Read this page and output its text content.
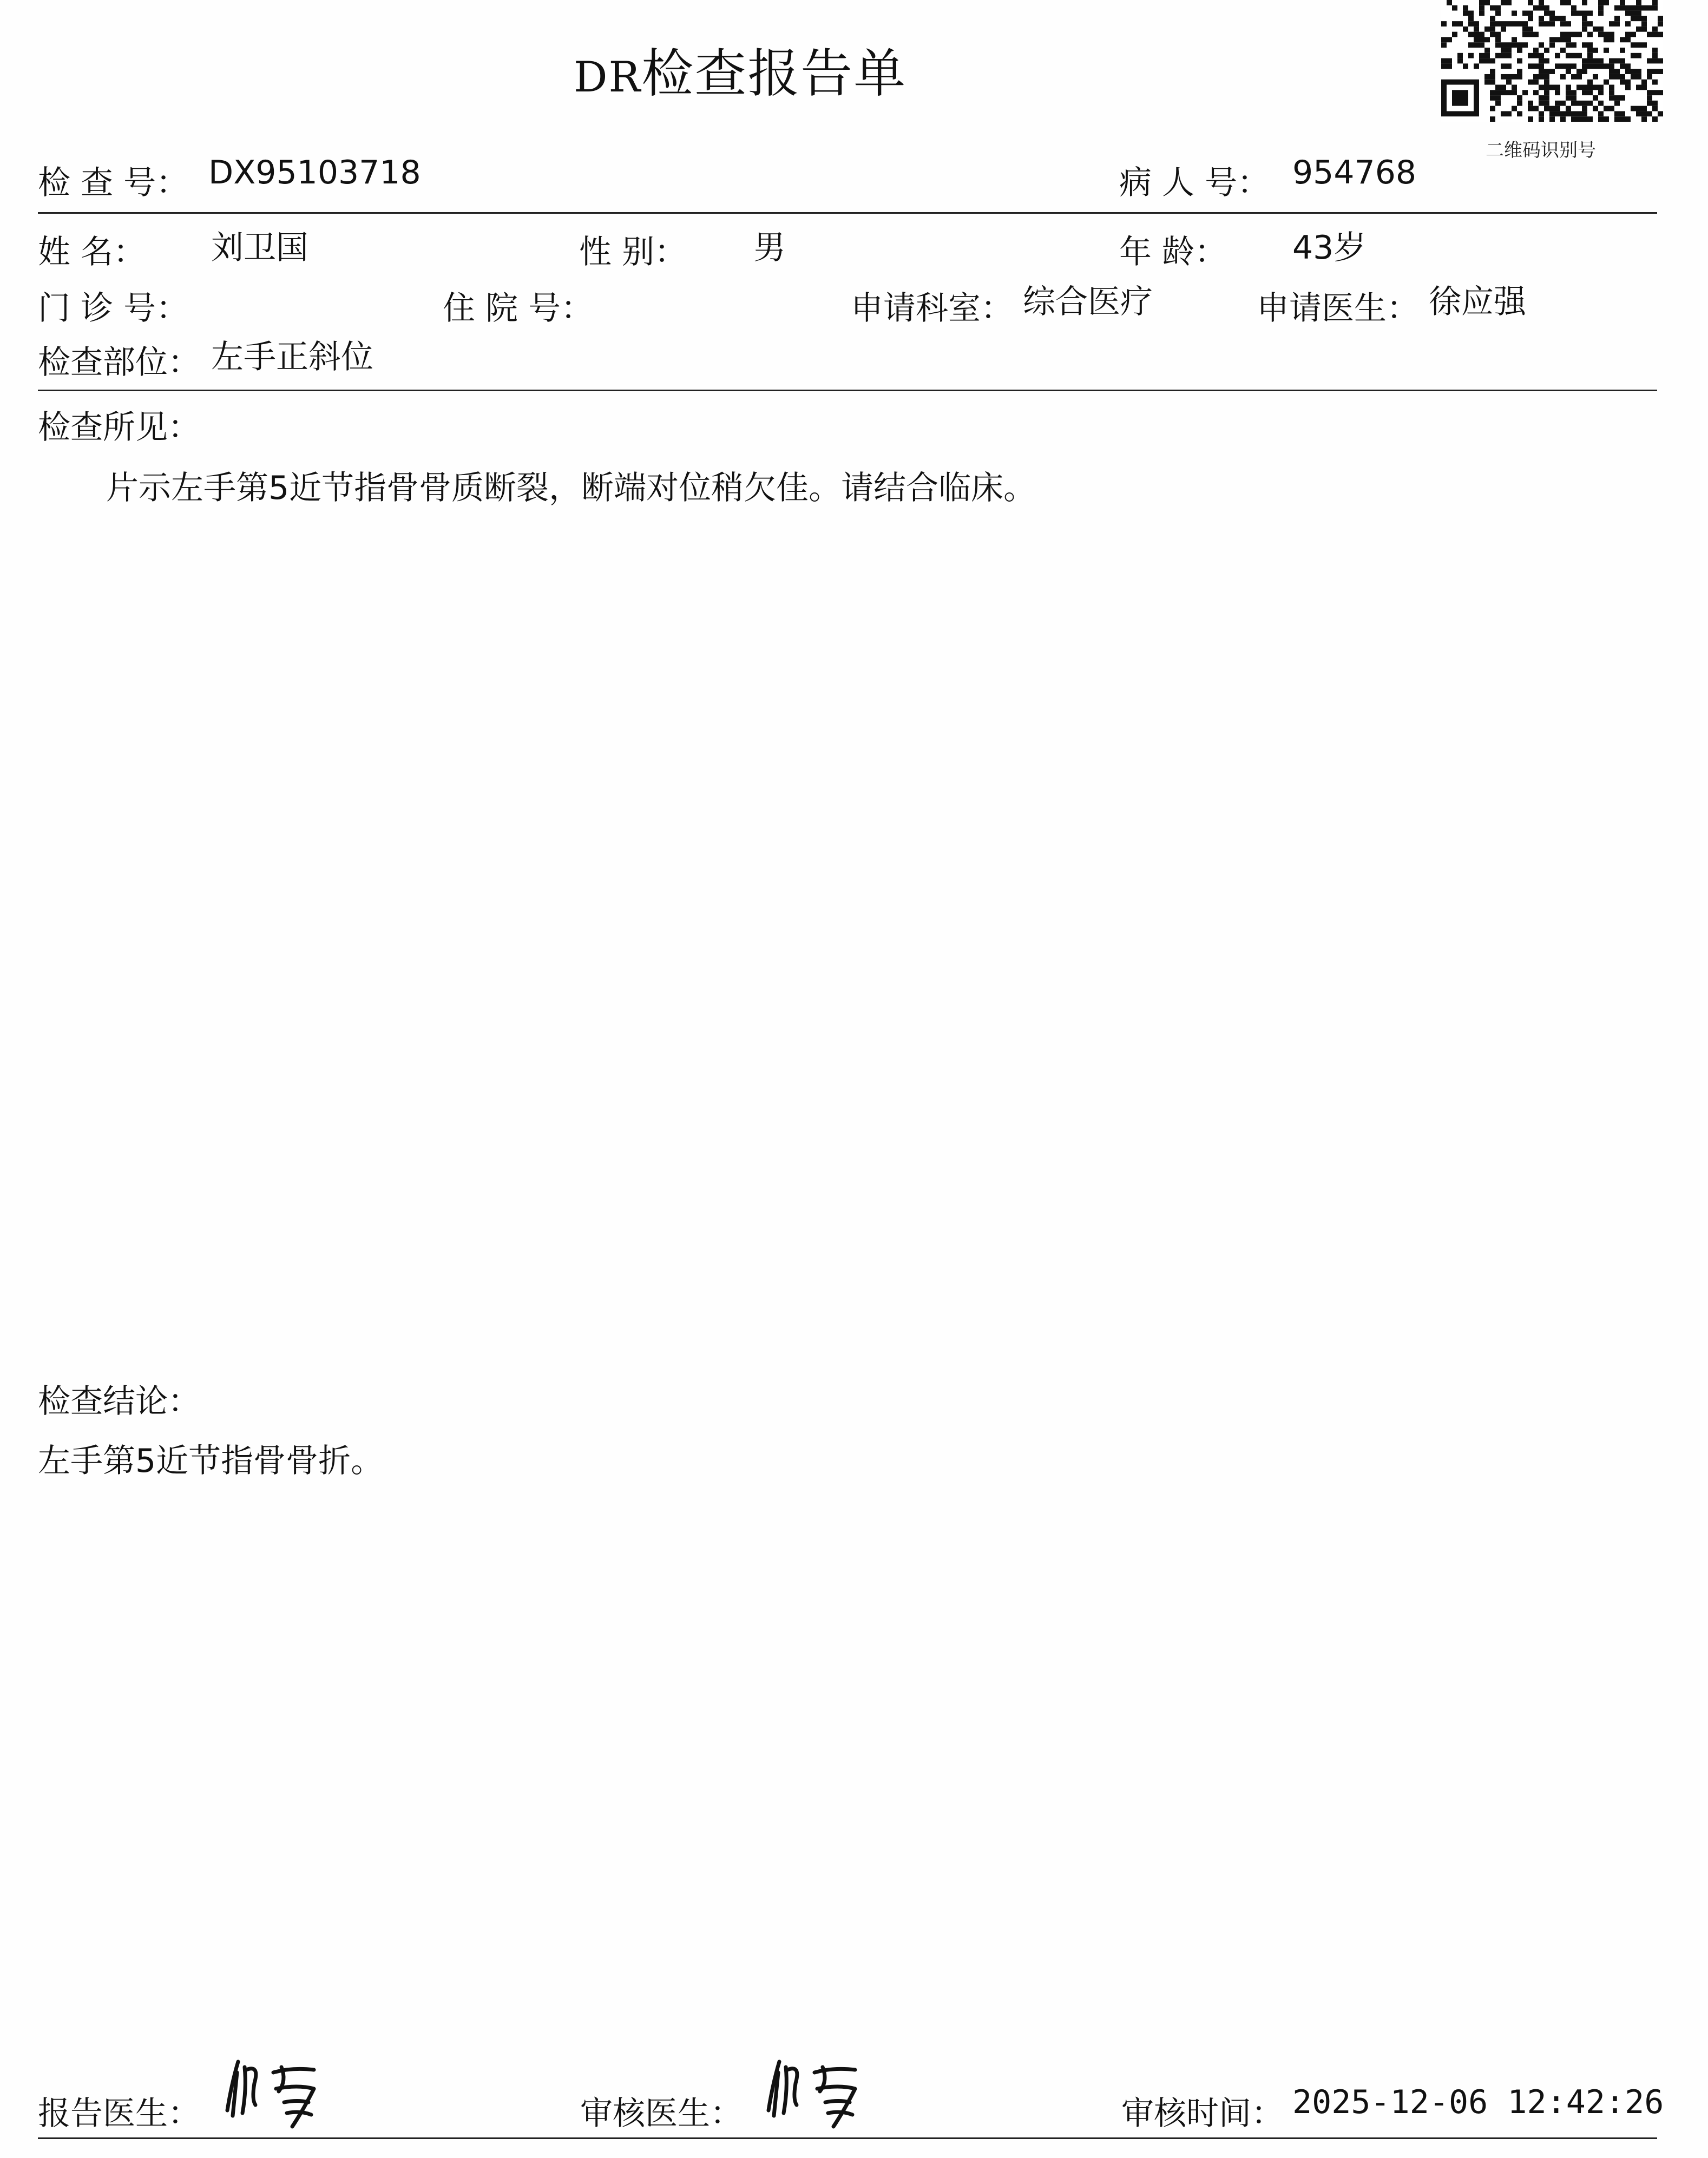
DR检查报告单
二维码识别号
检 查 号： DX95103718	病 人 号： 954768
姓 名： 刘卫国	性 别： 男	年 龄： 43岁
门 诊 号：	住 院 号：	申请科室： 综合医疗	申请医生： 徐应强
检查部位： 左手正斜位
检查所见：
片示左手第5近节指骨骨质断裂，断端对位稍欠佳。请结合临床。
检查结论：
左手第5近节指骨骨折。
报告医生：	审核医生：	审核时间： 2025-12-06 12:42:26
